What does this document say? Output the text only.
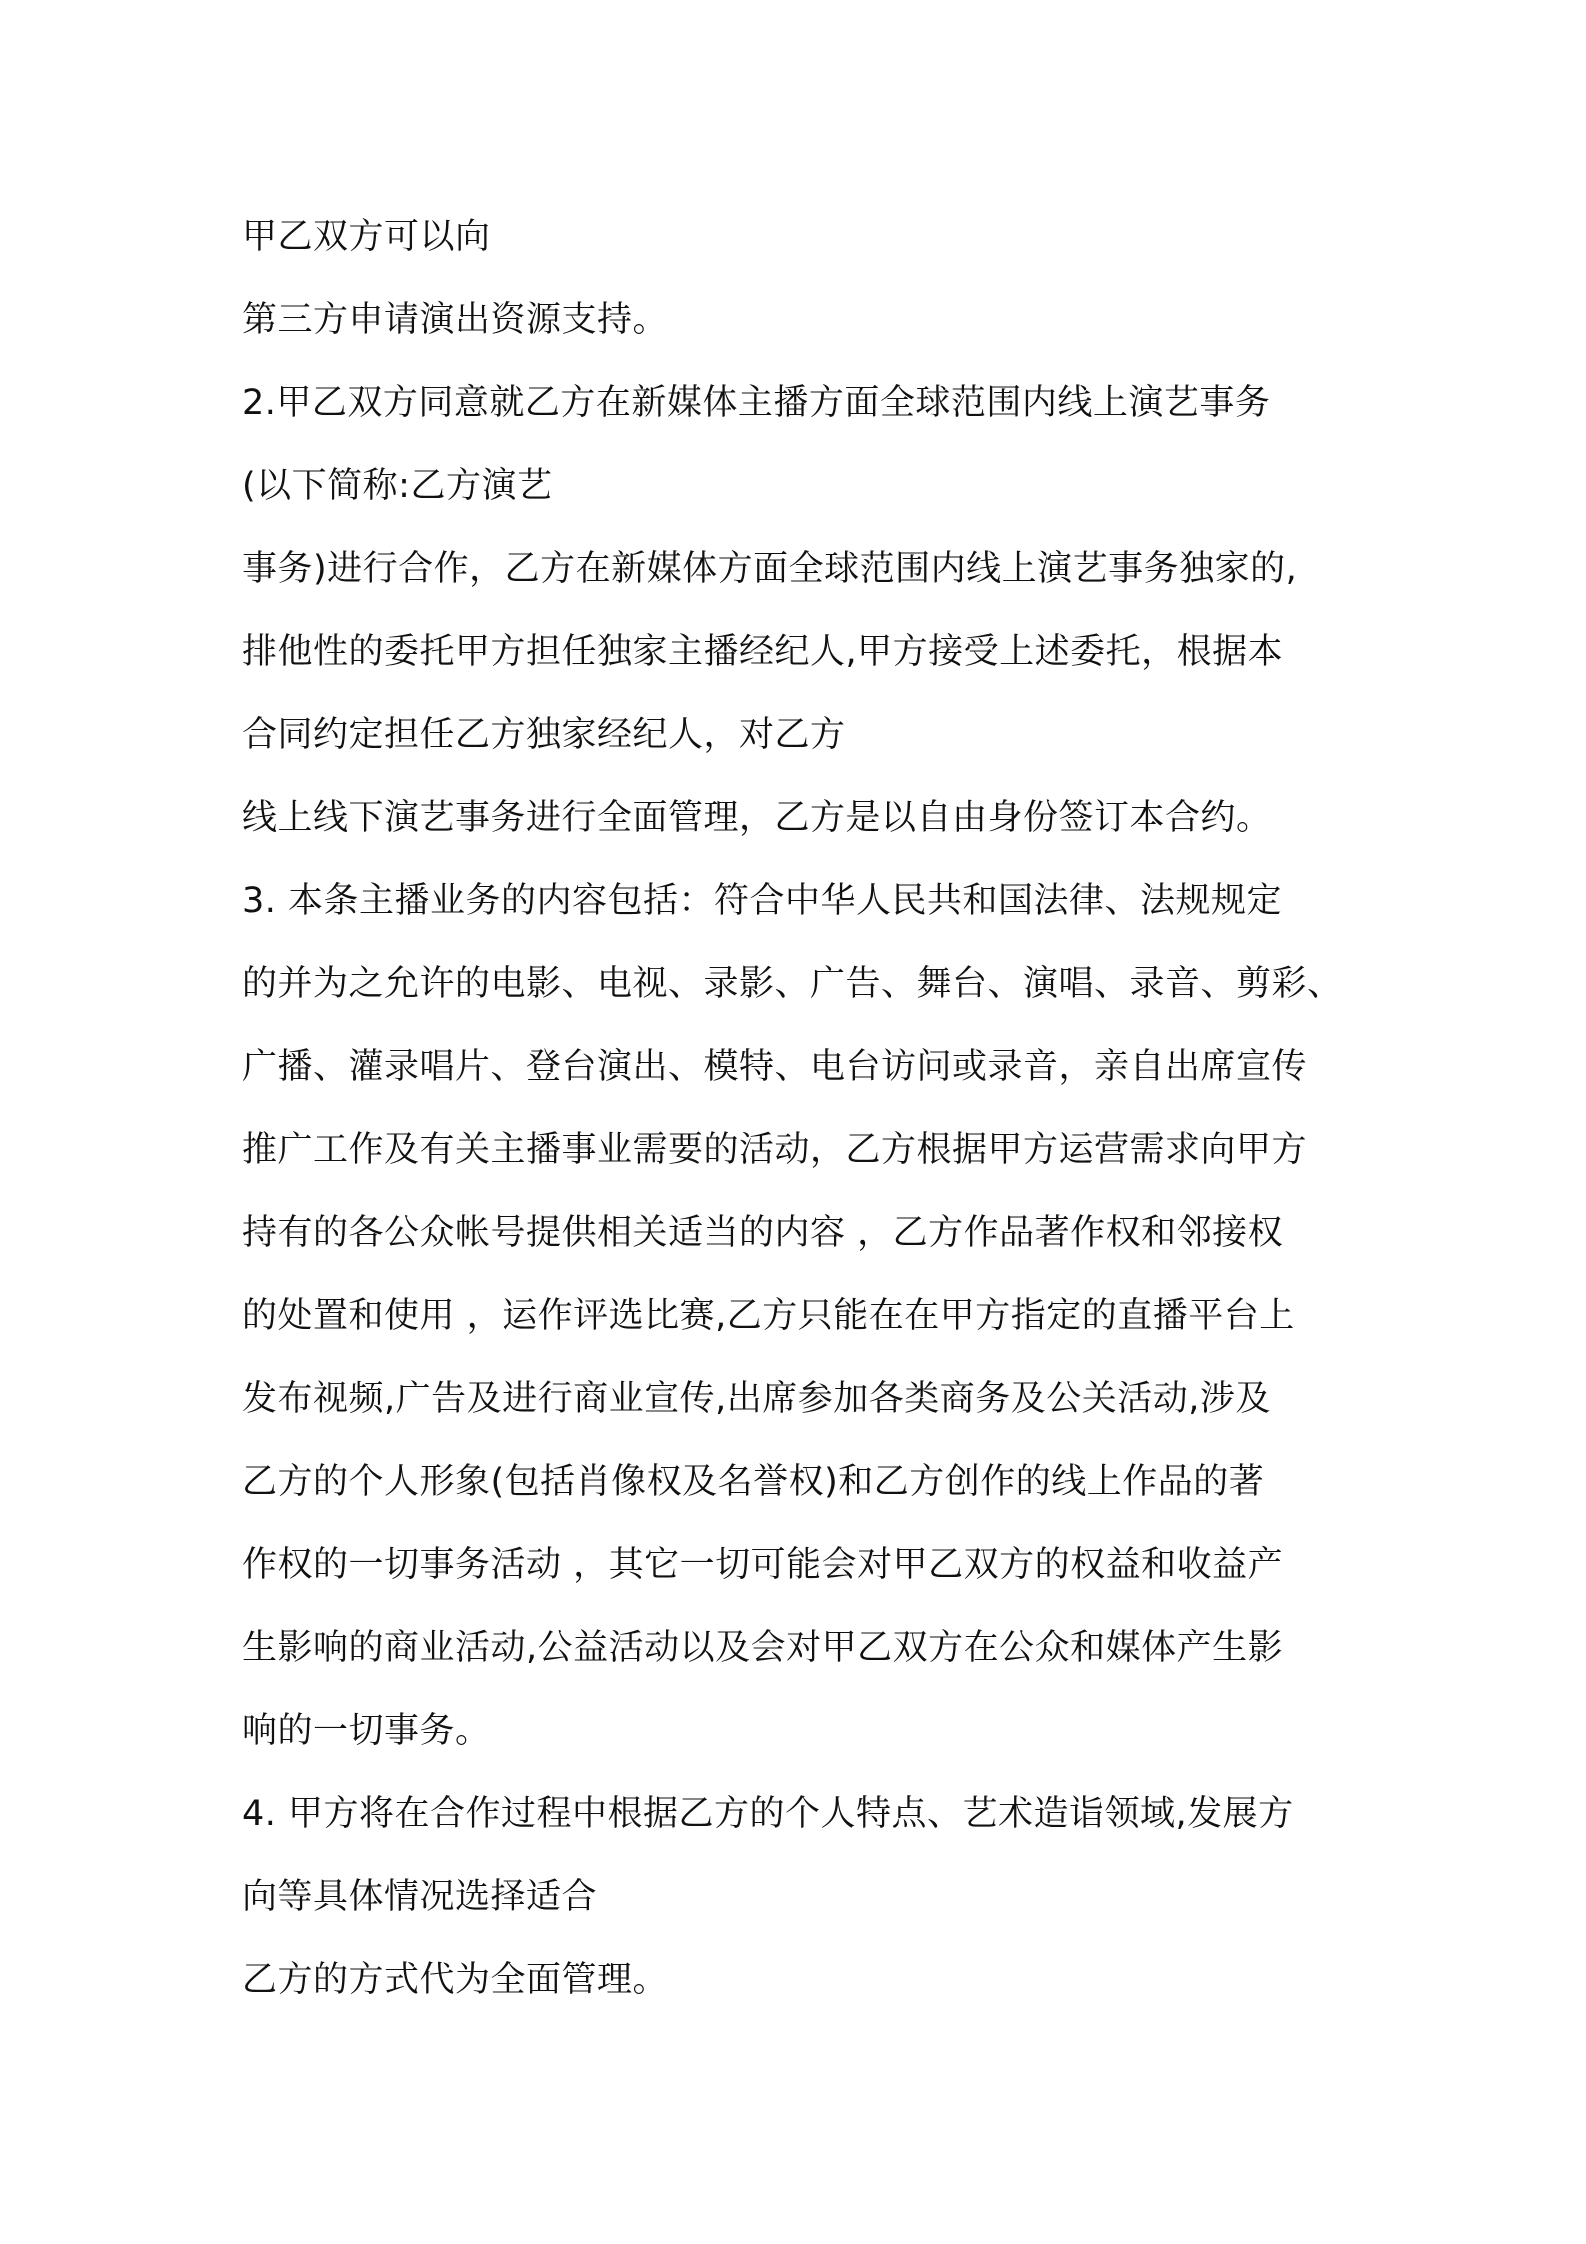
甲乙双方可以向
第三方申请演出资源支持。
2.甲乙双方同意就乙方在新媒体主播方面全球范围内线上演艺事务
(以下简称:乙方演艺
事务)进行合作，乙方在新媒体方面全球范围内线上演艺事务独家的,
排他性的委托甲方担任独家主播经纪人,甲方接受上述委托，根据本
合同约定担任乙方独家经纪人，对乙方
线上线下演艺事务进行全面管理，乙方是以自由身份签订本合约。
3. 本条主播业务的内容包括：符合中华人民共和国法律、法规规定
的并为之允许的电影、电视、录影、广告、舞台、演唱、录音、剪彩、
广播、灌录唱片、登台演出、模特、电台访问或录音，亲自出席宣传
推广工作及有关主播事业需要的活动，乙方根据甲方运营需求向甲方
持有的各公众帐号提供相关适当的内容 ，乙方作品著作权和邻接权
的处置和使用 ，运作评选比赛,乙方只能在在甲方指定的直播平台上
发布视频,广告及进行商业宣传,出席参加各类商务及公关活动,涉及
乙方的个人形象(包括肖像权及名誉权)和乙方创作的线上作品的著
作权的一切事务活动 ，其它一切可能会对甲乙双方的权益和收益产
生影响的商业活动,公益活动以及会对甲乙双方在公众和媒体产生影
响的一切事务。
4. 甲方将在合作过程中根据乙方的个人特点、艺术造诣领域,发展方
向等具体情况选择适合
乙方的方式代为全面管理。
